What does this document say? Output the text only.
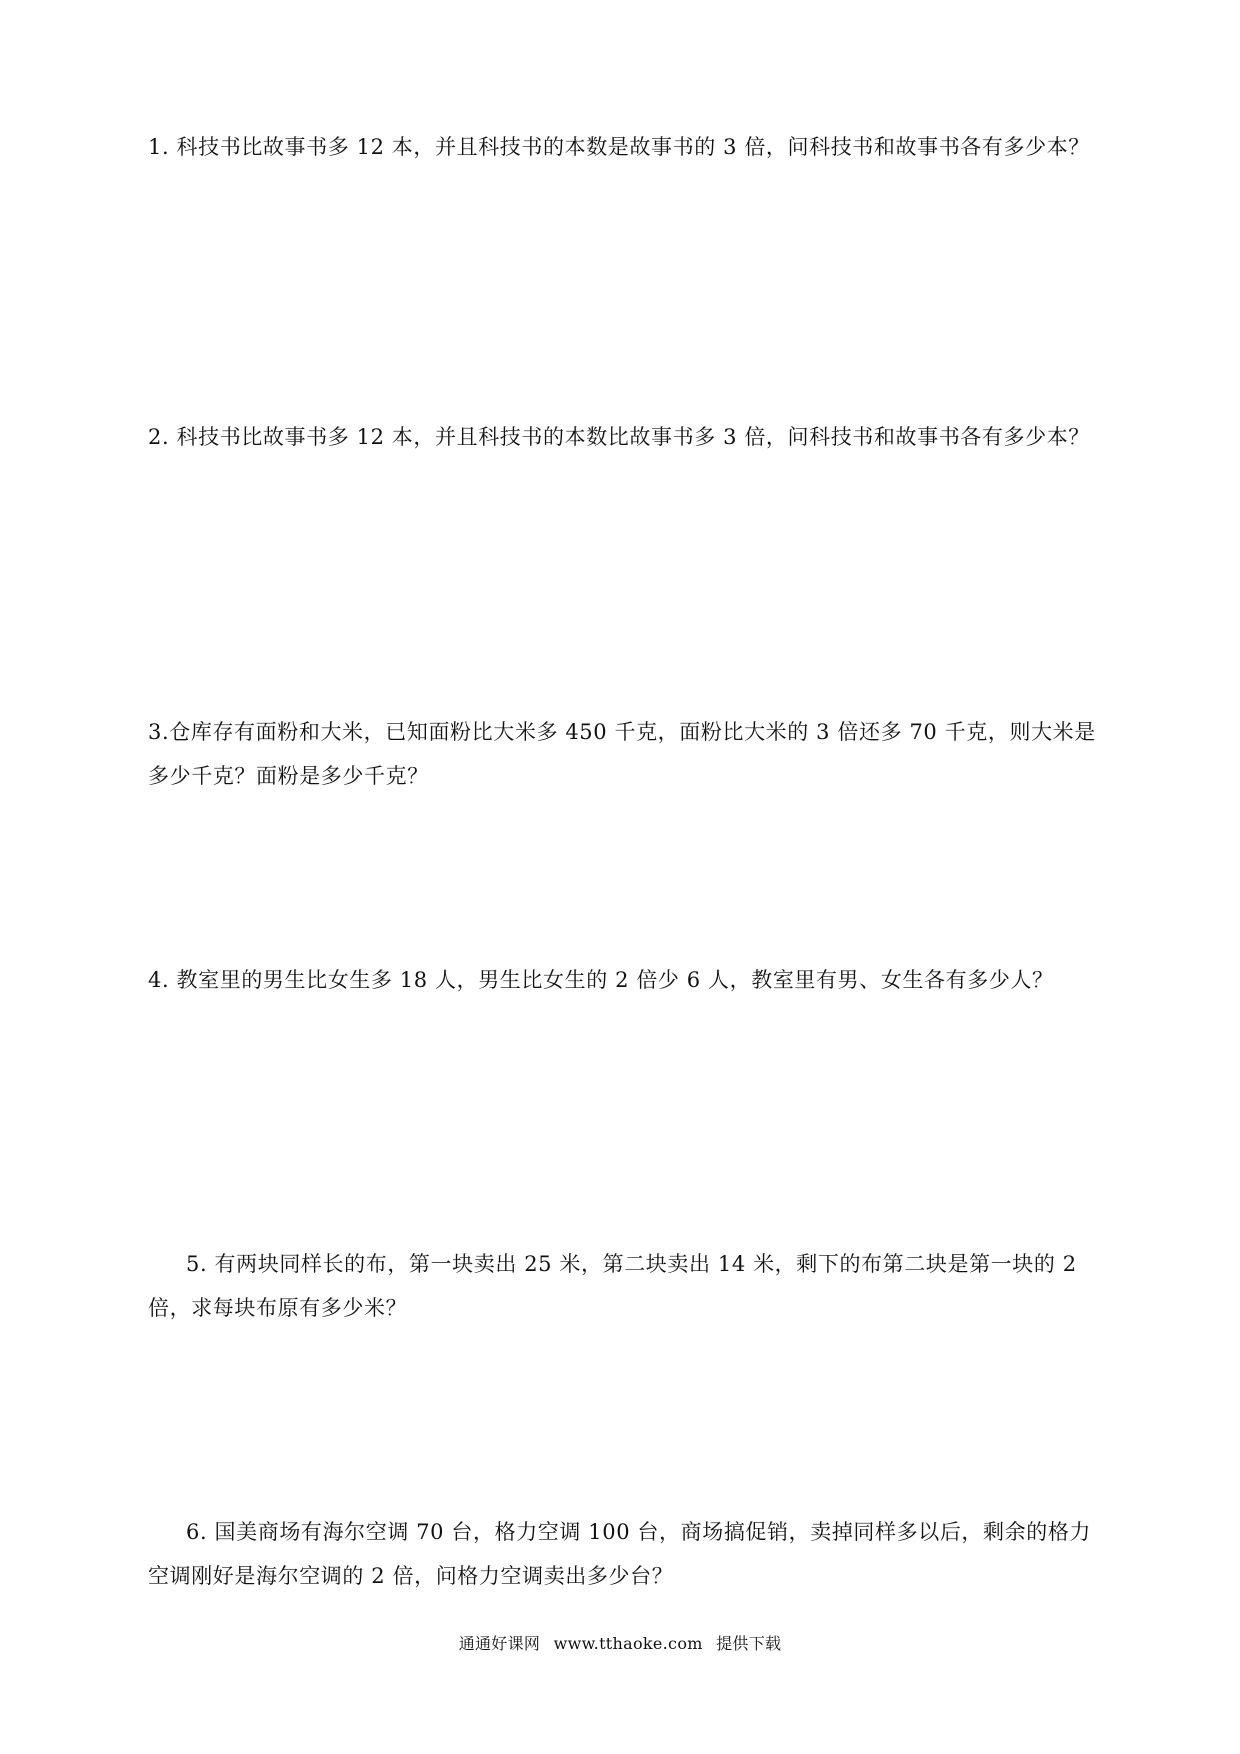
1. 科技书比故事书多 12 本，并且科技书的本数是故事书的 3 倍，问科技书和故事书各有多少本？

2. 科技书比故事书多 12 本，并且科技书的本数比故事书多 3 倍，问科技书和故事书各有多少本？

3.仓库存有面粉和大米，已知面粉比大米多 450 千克，面粉比大米的 3 倍还多 70 千克，则大米是多少千克？面粉是多少千克？

4. 教室里的男生比女生多 18 人，男生比女生的 2 倍少 6 人，教室里有男、女生各有多少人？

5. 有两块同样长的布，第一块卖出 25 米，第二块卖出 14 米，剩下的布第二块是第一块的 2 倍，求每块布原有多少米？

6. 国美商场有海尔空调 70 台，格力空调 100 台，商场搞促销，卖掉同样多以后，剩余的格力空调刚好是海尔空调的 2 倍，问格力空调卖出多少台？

通通好课网 www.tthaoke.com 提供下载
